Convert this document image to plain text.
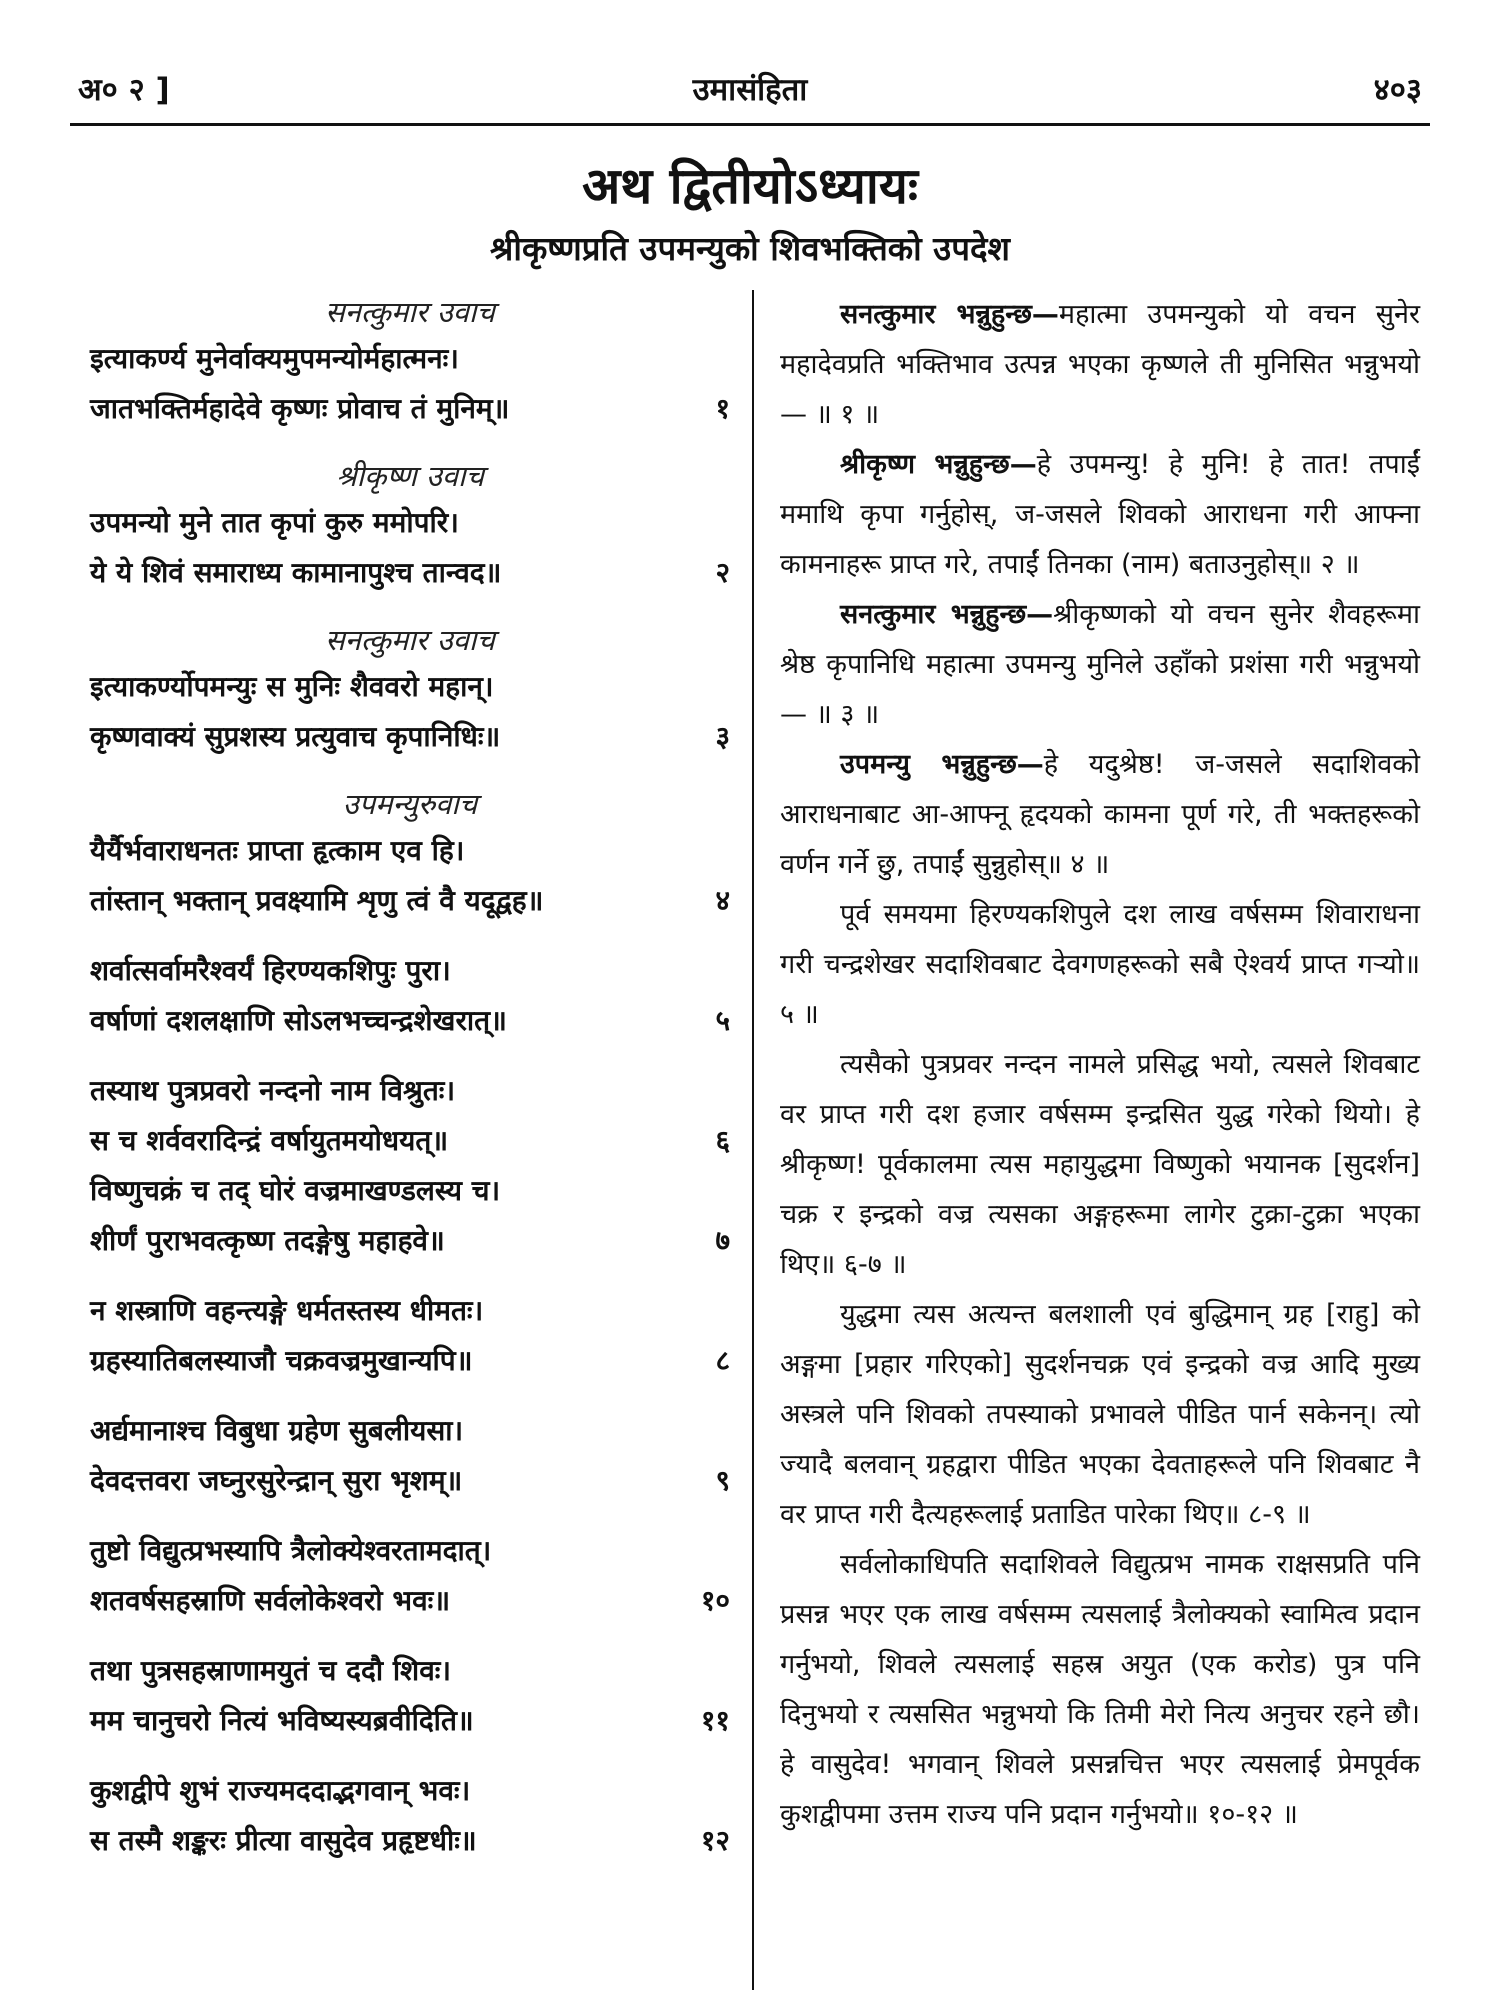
अ० २ ]	उमासंहिता	४०३
अथ द्वितीयोऽध्यायः
श्रीकृष्णप्रति उपमन्युको शिवभक्तिको उपदेश
सनत्कुमार उवाच
इत्याकर्ण्य मुनेर्वाक्यमुपमन्योर्महात्मनः।
जातभक्तिर्महादेवे कृष्णः प्रोवाच तं मुनिम्॥	१
श्रीकृष्ण उवाच
उपमन्यो मुने तात कृपां कुरु ममोपरि।
ये ये शिवं समाराध्य कामानापुश्च तान्वद॥	२
सनत्कुमार उवाच
इत्याकर्ण्योपमन्युः स मुनिः शैववरो महान्।
कृष्णवाक्यं सुप्रशस्य प्रत्युवाच कृपानिधिः॥	३
उपमन्युरुवाच
यैर्यैर्भवाराधनतः प्राप्ता हृत्काम एव हि।
तांस्तान् भक्तान् प्रवक्ष्यामि शृणु त्वं वै यदूद्वह॥	४
शर्वात्सर्वामरैश्वर्यं हिरण्यकशिपुः पुरा।
वर्षाणां दशलक्षाणि सोऽलभच्चन्द्रशेखरात्॥	५
तस्याथ पुत्रप्रवरो नन्दनो नाम विश्रुतः।
स च शर्ववरादिन्द्रं वर्षायुतमयोधयत्॥	६
विष्णुचक्रं च तद् घोरं वज्रमाखण्डलस्य च।
शीर्णं पुराभवत्कृष्ण तदङ्गेषु महाहवे॥	७
न शस्त्राणि वहन्त्यङ्गे धर्मतस्तस्य धीमतः।
ग्रहस्यातिबलस्याजौ चक्रवज्रमुखान्यपि॥	८
अर्द्यमानाश्च विबुधा ग्रहेण सुबलीयसा।
देवदत्तवरा जघ्नुरसुरेन्द्रान् सुरा भृशम्॥	९
तुष्टो विद्युत्प्रभस्यापि त्रैलोक्येश्वरतामदात्।
शतवर्षसहस्राणि सर्वलोकेश्वरो भवः॥	१०
तथा पुत्रसहस्राणामयुतं च ददौ शिवः।
मम चानुचरो नित्यं भविष्यस्यब्रवीदिति॥	११
कुशद्वीपे शुभं राज्यमददाद्भगवान् भवः।
स तस्मै शङ्करः प्रीत्या वासुदेव प्रहृष्टधीः॥	१२
सनत्कुमार भन्नुहुन्छ—महात्मा उपमन्युको यो वचन सुनेर महादेवप्रति भक्तिभाव उत्पन्न भएका कृष्णले ती मुनिसित भन्नुभयो— ॥ १ ॥
श्रीकृष्ण भन्नुहुन्छ—हे उपमन्यु! हे मुनि! हे तात! तपाईं ममाथि कृपा गर्नुहोस्, ज-जसले शिवको आराधना गरी आफ्ना कामनाहरू प्राप्त गरे, तपाईं तिनका (नाम) बताउनुहोस्॥ २ ॥
सनत्कुमार भन्नुहुन्छ—श्रीकृष्णको यो वचन सुनेर शैवहरूमा श्रेष्ठ कृपानिधि महात्मा उपमन्यु मुनिले उहाँको प्रशंसा गरी भन्नुभयो— ॥ ३ ॥
उपमन्यु भन्नुहुन्छ—हे यदुश्रेष्ठ! ज-जसले सदाशिवको आराधनाबाट आ-आफ्नू हृदयको कामना पूर्ण गरे, ती भक्तहरूको वर्णन गर्ने छु, तपाईं सुन्नुहोस्॥ ४ ॥
पूर्व समयमा हिरण्यकशिपुले दश लाख वर्षसम्म शिवाराधना गरी चन्द्रशेखर सदाशिवबाट देवगणहरूको सबै ऐश्वर्य प्राप्त गर्‍यो॥ ५ ॥
त्यसैको पुत्रप्रवर नन्दन नामले प्रसिद्ध भयो, त्यसले शिवबाट वर प्राप्त गरी दश हजार वर्षसम्म इन्द्रसित युद्ध गरेको थियो। हे श्रीकृष्ण! पूर्वकालमा त्यस महायुद्धमा विष्णुको भयानक [सुदर्शन] चक्र र इन्द्रको वज्र त्यसका अङ्गहरूमा लागेर टुक्रा-टुक्रा भएका थिए॥ ६-७ ॥
युद्धमा त्यस अत्यन्त बलशाली एवं बुद्धिमान् ग्रह [राहु] को अङ्गमा [प्रहार गरिएको] सुदर्शनचक्र एवं इन्द्रको वज्र आदि मुख्य अस्त्रले पनि शिवको तपस्याको प्रभावले पीडित पार्न सकेनन्। त्यो ज्यादै बलवान् ग्रहद्वारा पीडित भएका देवताहरूले पनि शिवबाट नै वर प्राप्त गरी दैत्यहरूलाई प्रताडित पारेका थिए॥ ८-९ ॥
सर्वलोकाधिपति सदाशिवले विद्युत्प्रभ नामक राक्षसप्रति पनि प्रसन्न भएर एक लाख वर्षसम्म त्यसलाई त्रैलोक्यको स्वामित्व प्रदान गर्नुभयो, शिवले त्यसलाई सहस्र अयुत (एक करोड) पुत्र पनि दिनुभयो र त्यससित भन्नुभयो कि तिमी मेरो नित्य अनुचर रहने छौ। हे वासुदेव! भगवान् शिवले प्रसन्नचित्त भएर त्यसलाई प्रेमपूर्वक कुशद्वीपमा उत्तम राज्य पनि प्रदान गर्नुभयो॥ १०-१२ ॥
